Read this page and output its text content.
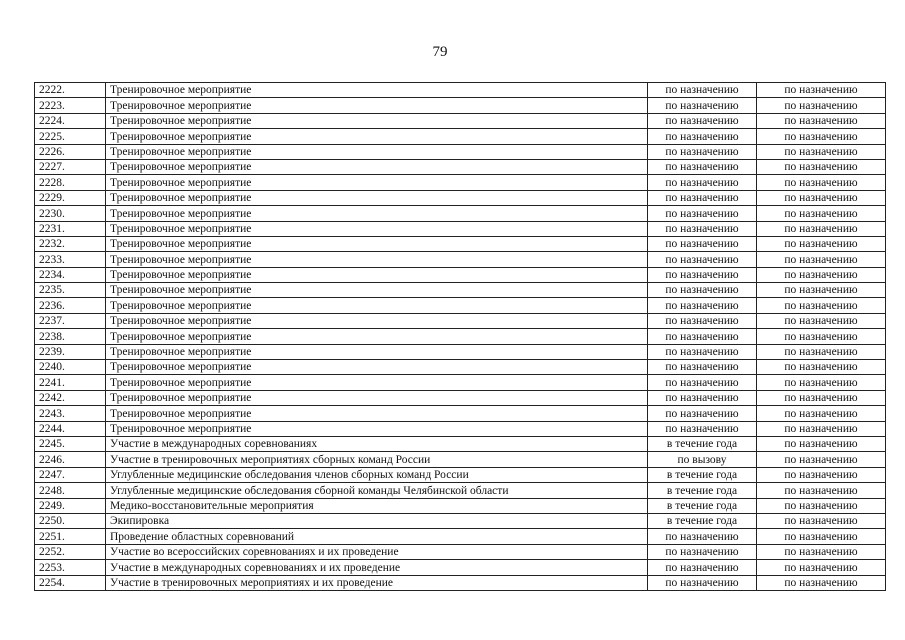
79
2222.	Тренировочное мероприятие	по назначению	по назначению
2223.	Тренировочное мероприятие	по назначению	по назначению
2224.	Тренировочное мероприятие	по назначению	по назначению
2225.	Тренировочное мероприятие	по назначению	по назначению
2226.	Тренировочное мероприятие	по назначению	по назначению
2227.	Тренировочное мероприятие	по назначению	по назначению
2228.	Тренировочное мероприятие	по назначению	по назначению
2229.	Тренировочное мероприятие	по назначению	по назначению
2230.	Тренировочное мероприятие	по назначению	по назначению
2231.	Тренировочное мероприятие	по назначению	по назначению
2232.	Тренировочное мероприятие	по назначению	по назначению
2233.	Тренировочное мероприятие	по назначению	по назначению
2234.	Тренировочное мероприятие	по назначению	по назначению
2235.	Тренировочное мероприятие	по назначению	по назначению
2236.	Тренировочное мероприятие	по назначению	по назначению
2237.	Тренировочное мероприятие	по назначению	по назначению
2238.	Тренировочное мероприятие	по назначению	по назначению
2239.	Тренировочное мероприятие	по назначению	по назначению
2240.	Тренировочное мероприятие	по назначению	по назначению
2241.	Тренировочное мероприятие	по назначению	по назначению
2242.	Тренировочное мероприятие	по назначению	по назначению
2243.	Тренировочное мероприятие	по назначению	по назначению
2244.	Тренировочное мероприятие	по назначению	по назначению
2245.	Участие в международных соревнованиях	в течение года	по назначению
2246.	Участие в тренировочных мероприятиях сборных команд России	по вызову	по назначению
2247.	Углубленные медицинские обследования членов сборных команд России	в течение года	по назначению
2248.	Углубленные медицинские обследования сборной команды Челябинской области	в течение года	по назначению
2249.	Медико-восстановительные мероприятия	в течение года	по назначению
2250.	Экипировка	в течение года	по назначению
2251.	Проведение областных соревнований	по назначению	по назначению
2252.	Участие во всероссийских соревнованиях и их проведение	по назначению	по назначению
2253.	Участие в международных соревнованиях и их проведение	по назначению	по назначению
2254.	Участие в тренировочных мероприятиях и их проведение	по назначению	по назначению
